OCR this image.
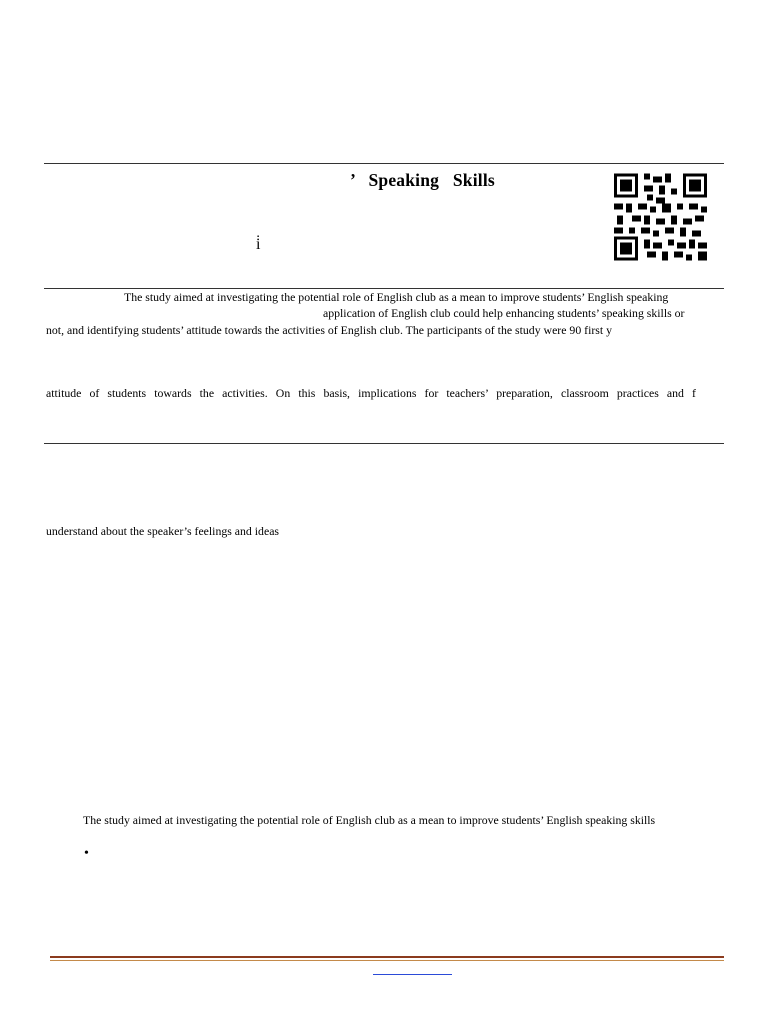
’   Speaking   Skills
i̇
The study aimed at investigating the potential role of English club as a mean to improve students’ English speaking
application of English club could help enhancing students’ speaking skills or
not, and identifying students’ attitude towards the activities of English club. The participants of the study were 90 first y
attitude of students towards the activities. On this basis, implications for teachers’ preparation, classroom practices and f
understand about the speaker’s feelings and ideas
The study aimed at investigating the potential role of English club as a mean to improve students’ English speaking skills
•
